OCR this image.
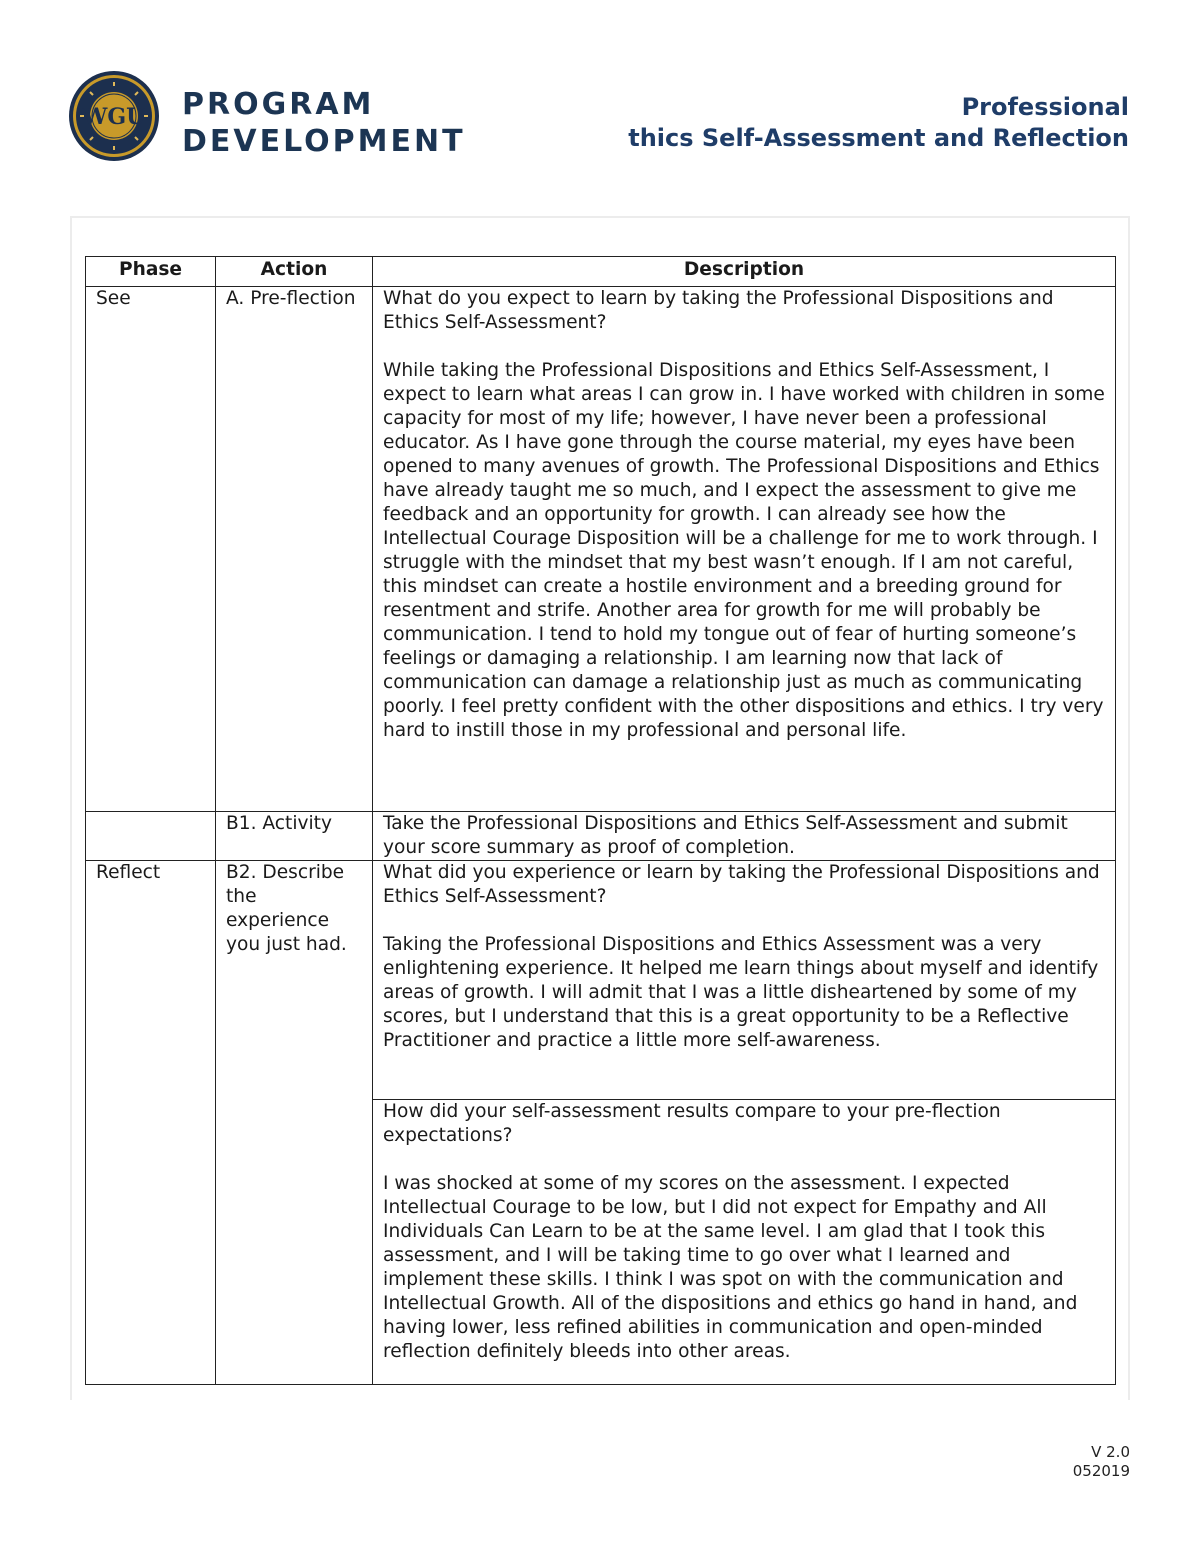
WGU PROGRAM
DEVELOPMENT
Professional
thics Self-Assessment and Reflection
Phase	Action	Description
See	A. Pre-flection	What do you expect to learn by taking the Professional Dispositions and Ethics Self-Assessment?

While taking the Professional Dispositions and Ethics Self-Assessment, I expect to learn what areas I can grow in. I have worked with children in some capacity for most of my life; however, I have never been a professional educator. As I have gone through the course material, my eyes have been opened to many avenues of growth. The Professional Dispositions and Ethics have already taught me so much, and I expect the assessment to give me feedback and an opportunity for growth. I can already see how the Intellectual Courage Disposition will be a challenge for me to work through. I struggle with the mindset that my best wasn’t enough. If I am not careful, this mindset can create a hostile environment and a breeding ground for resentment and strife. Another area for growth for me will probably be communication. I tend to hold my tongue out of fear of hurting someone’s feelings or damaging a relationship. I am learning now that lack of communication can damage a relationship just as much as communicating poorly. I feel pretty confident with the other dispositions and ethics. I try very hard to instill those in my professional and personal life.

	B1. Activity	Take the Professional Dispositions and Ethics Self-Assessment and submit your score summary as proof of completion.

Reflect	B2. Describe the experience you just had.	What did you experience or learn by taking the Professional Dispositions and Ethics Self-Assessment?

Taking the Professional Dispositions and Ethics Assessment was a very enlightening experience. It helped me learn things about myself and identify areas of growth. I will admit that I was a little disheartened by some of my scores, but I understand that this is a great opportunity to be a Reflective Practitioner and practice a little more self-awareness.

		How did your self-assessment results compare to your pre-flection expectations?

I was shocked at some of my scores on the assessment. I expected Intellectual Courage to be low, but I did not expect for Empathy and All Individuals Can Learn to be at the same level. I am glad that I took this assessment, and I will be taking time to go over what I learned and implement these skills. I think I was spot on with the communication and Intellectual Growth. All of the dispositions and ethics go hand in hand, and having lower, less refined abilities in communication and open-minded reflection definitely bleeds into other areas.

V 2.0
052019
